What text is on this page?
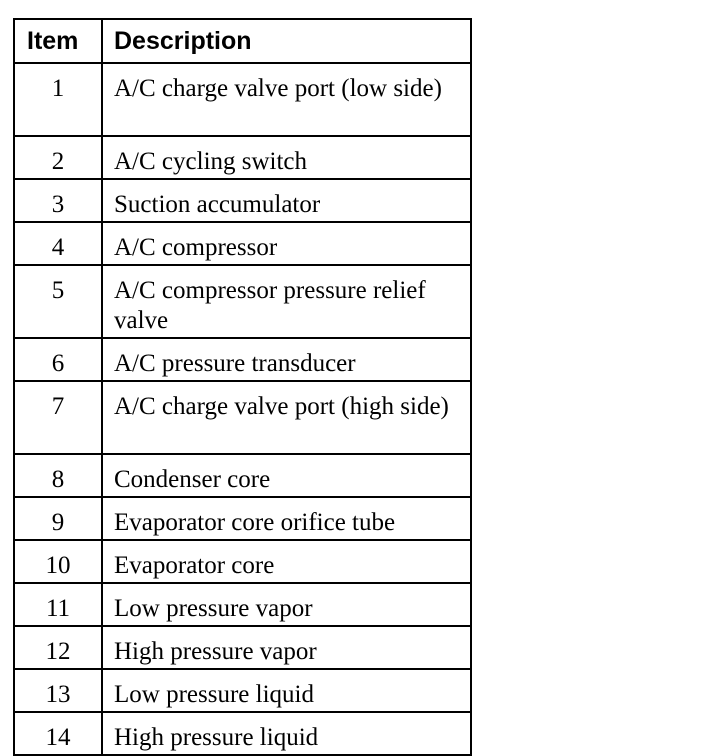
Item	Description
1	A/C charge valve port (low side)
2	A/C cycling switch
3	Suction accumulator
4	A/C compressor
5	A/C compressor pressure relief valve
6	A/C pressure transducer
7	A/C charge valve port (high side)
8	Condenser core
9	Evaporator core orifice tube
10	Evaporator core
11	Low pressure vapor
12	High pressure vapor
13	Low pressure liquid
14	High pressure liquid
